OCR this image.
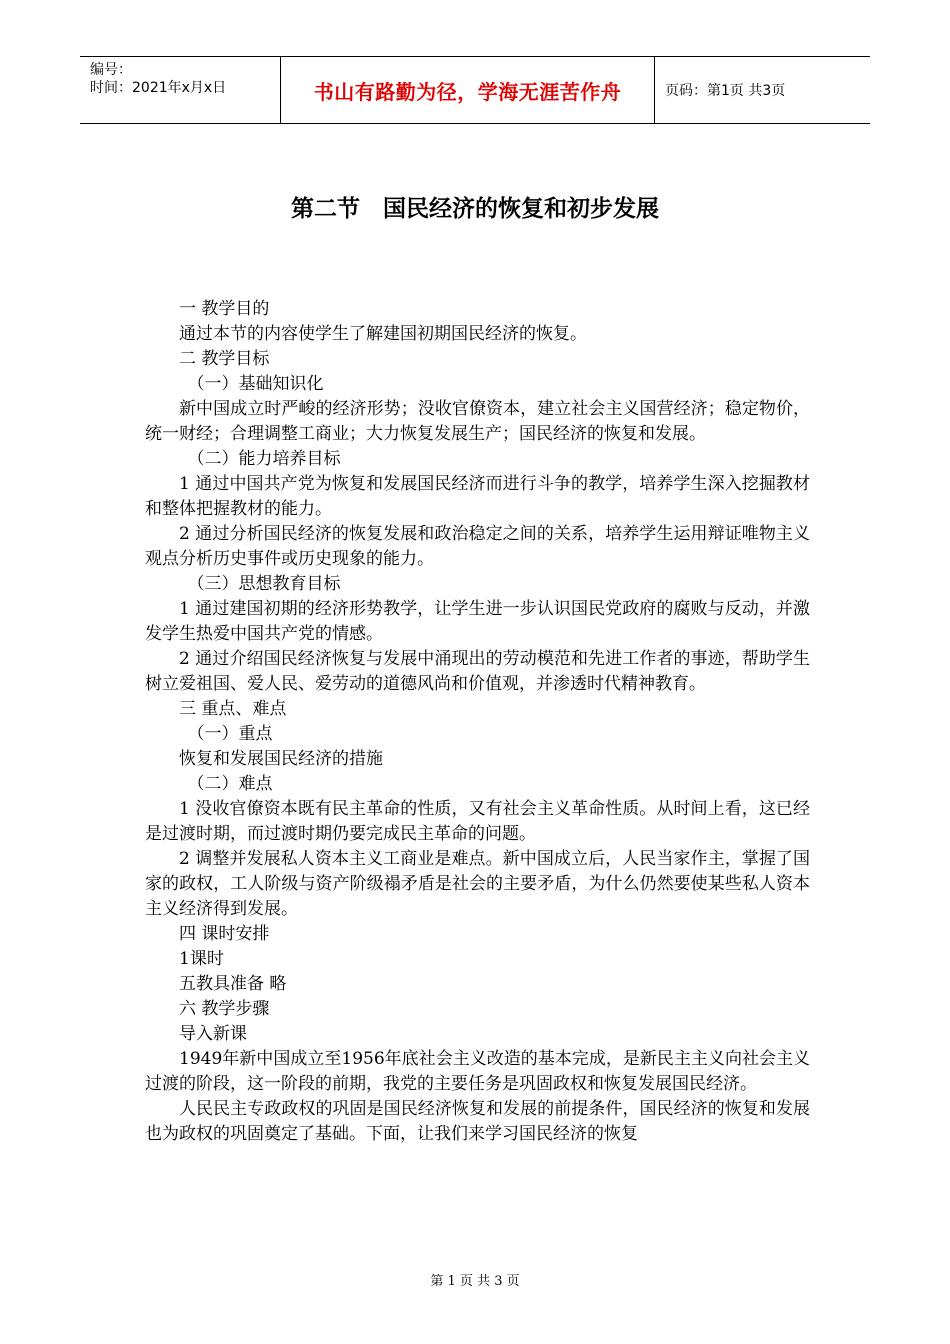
编号：
时间：2021年x月x日	书山有路勤为径，学海无涯苦作舟	页码：第1页 共3页
第二节　国民经济的恢复和初步发展

一 教学目的

通过本节的内容使学生了解建国初期国民经济的恢复。

二 教学目标

（一）基础知识化

新中国成立时严峻的经济形势；没收官僚资本，建立社会主义国营经济；稳定物价，统一财经；合理调整工商业；大力恢复发展生产；国民经济的恢复和发展。

（二）能力培养目标

1 通过中国共产党为恢复和发展国民经济而进行斗争的教学，培养学生深入挖掘教材和整体把握教材的能力。

2 通过分析国民经济的恢复发展和政治稳定之间的关系，培养学生运用辩证唯物主义观点分析历史事件或历史现象的能力。

（三）思想教育目标

1 通过建国初期的经济形势教学，让学生进一步认识国民党政府的腐败与反动，并激发学生热爱中国共产党的情感。

2 通过介绍国民经济恢复与发展中涌现出的劳动模范和先进工作者的事迹，帮助学生树立爱祖国、爱人民、爱劳动的道德风尚和价值观，并渗透时代精神教育。

三 重点、难点

（一）重点

恢复和发展国民经济的措施

（二）难点

1 没收官僚资本既有民主革命的性质，又有社会主义革命性质。从时间上看，这已经是过渡时期，而过渡时期仍要完成民主革命的问题。

2 调整并发展私人资本主义工商业是难点。新中国成立后，人民当家作主，掌握了国家的政权，工人阶级与资产阶级褟矛盾是社会的主要矛盾，为什么仍然要使某些私人资本主义经济得到发展。

四 课时安排

1课时

五教具准备 略

六 教学步骤

导入新课

1949年新中国成立至1956年底社会主义改造的基本完成，是新民主主义向社会主义过渡的阶段，这一阶段的前期，我党的主要任务是巩固政权和恢复发展国民经济。

人民民主专政政权的巩固是国民经济恢复和发展的前提条件，国民经济的恢复和发展也为政权的巩固奠定了基础。下面，让我们来学习国民经济的恢复

第 1 页 共 3 页
